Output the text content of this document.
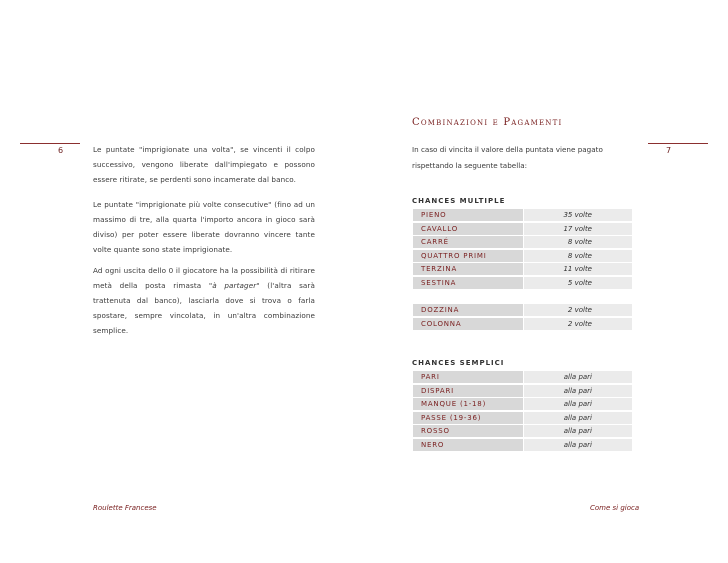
6	Le puntate "imprigionate una volta", se vincenti il colpo successivo, vengono liberate dall'impiegato e possono essere ritirate, se perdenti sono incamerate dal banco.
Le puntate "imprigionate più volte consecutive" (fino ad un massimo di tre, alla quarta l'importo ancora in gioco sarà diviso) per poter essere liberate dovranno vincere tante volte quante sono state imprigionate.
Ad ogni uscita dello 0 il giocatore ha la possibilità di ritirare metà della posta rimasta "à partager" (l'altra sarà trattenuta dal banco), lasciarla dove si trova o farla spostare, sempre vincolata, in un'altra combinazione semplice.
Roulette Francese
Combinazioni e Pagamenti
7
In caso di vincita il valore della puntata viene pagato rispettando la seguente tabella:
CHANCES MULTIPLE
PIENO	35 volte
CAVALLO	17 volte
CARRÉ	8 volte
QUATTRO PRIMI	8 volte
TERZINA	11 volte
SESTINA	5 volte
DOZZINA	2 volte
COLONNA	2 volte
CHANCES SEMPLICI
PARI	alla pari
DISPARI	alla pari
MANQUE (1-18)	alla pari
PASSE (19-36)	alla pari
ROSSO	alla pari
NERO	alla pari
Come si gioca
